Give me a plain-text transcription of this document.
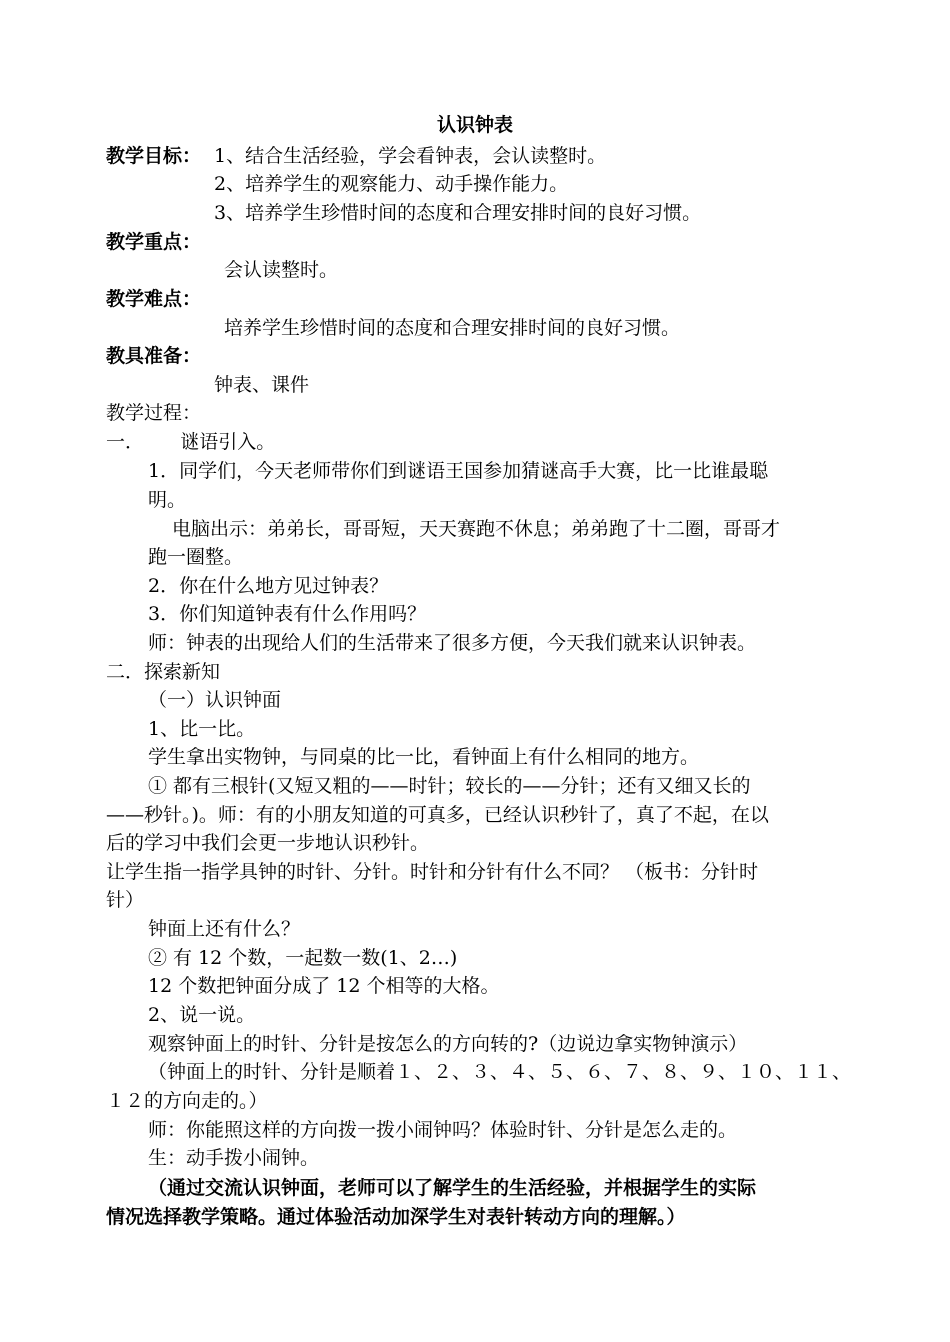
认识钟表
教学目标： 1、结合生活经验，学会看钟表，会认读整时。
2、培养学生的观察能力、动手操作能力。
3、培养学生珍惜时间的态度和合理安排时间的良好习惯。
教学重点：
会认读整时。
教学难点：
培养学生珍惜时间的态度和合理安排时间的良好习惯。
教具准备：
钟表、课件
教学过程：
一．      谜语引入。
1．同学们，今天老师带你们到谜语王国参加猜谜高手大赛，比一比谁最聪
明。
电脑出示：弟弟长，哥哥短，天天赛跑不休息；弟弟跑了十二圈，哥哥才
跑一圈整。
2．你在什么地方见过钟表？
3．你们知道钟表有什么作用吗？
师：钟表的出现给人们的生活带来了很多方便，今天我们就来认识钟表。
二．探索新知
（一）认识钟面
1、比一比。
学生拿出实物钟，与同桌的比一比，看钟面上有什么相同的地方。
① 都有三根针(又短又粗的——时针；较长的——分针；还有又细又长的
——秒针。)。师：有的小朋友知道的可真多，已经认识秒针了，真了不起，在以
后的学习中我们会更一步地认识秒针。
让学生指一指学具钟的时针、分针。时针和分针有什么不同？ （板书：分针时
针）
钟面上还有什么？
② 有 12 个数，一起数一数(1、2…)
12 个数把钟面分成了 12 个相等的大格。
2、说一说。
观察钟面上的时针、分针是按怎么的方向转的?（边说边拿实物钟演示）
（钟面上的时针、分针是顺着１、２、３、４、５、６、７、８、９、１０、１１、
１２的方向走的。）
师：你能照这样的方向拨一拨小闹钟吗？体验时针、分针是怎么走的。
生：动手拨小闹钟。
（通过交流认识钟面，老师可以了解学生的生活经验，并根据学生的实际
情况选择教学策略。通过体验活动加深学生对表针转动方向的理解。）
